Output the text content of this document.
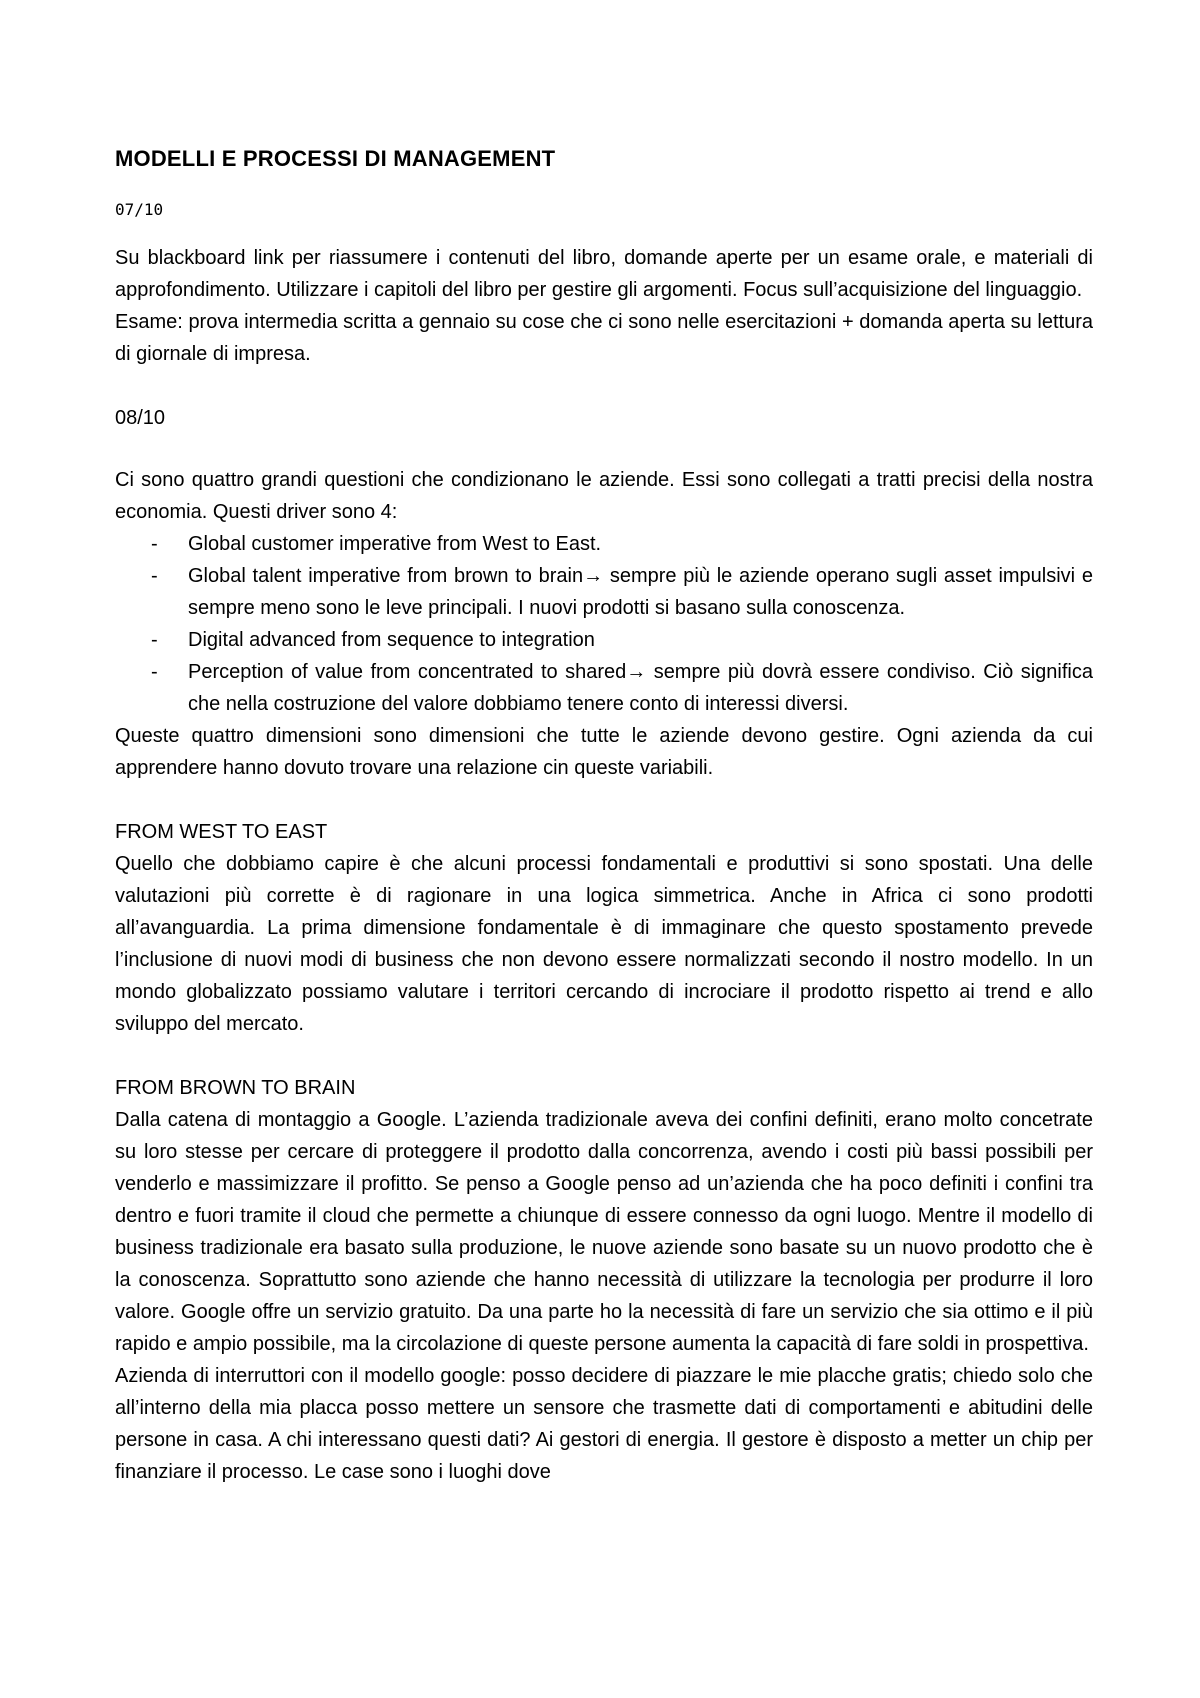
MODELLI E PROCESSI DI MANAGEMENT
07/10

Su blackboard link per riassumere i contenuti del libro, domande aperte per un esame orale, e materiali di approfondimento. Utilizzare i capitoli del libro per gestire gli argomenti. Focus sull’acquisizione del linguaggio.

Esame: prova intermedia scritta a gennaio su cose che ci sono nelle esercitazioni + domanda aperta su lettura di giornale di impresa.

08/10

Ci sono quattro grandi questioni che condizionano le aziende. Essi sono collegati a tratti precisi della nostra economia. Questi driver sono 4:

- Global customer imperative from West to East.
- Global talent imperative from brown to brain→ sempre più le aziende operano sugli asset impulsivi e sempre meno sono le leve principali. I nuovi prodotti si basano sulla conoscenza.
- Digital advanced from sequence to integration
- Perception of value from concentrated to shared→ sempre più dovrà essere condiviso. Ciò significa che nella costruzione del valore dobbiamo tenere conto di interessi diversi.

Queste quattro dimensioni sono dimensioni che tutte le aziende devono gestire. Ogni azienda da cui apprendere hanno dovuto trovare una relazione cin queste variabili.

FROM WEST TO EAST

Quello che dobbiamo capire è che alcuni processi fondamentali e produttivi si sono spostati. Una delle valutazioni più corrette è di ragionare in una logica simmetrica. Anche in Africa ci sono prodotti all’avanguardia. La prima dimensione fondamentale è di immaginare che questo spostamento prevede l’inclusione di nuovi modi di business che non devono essere normalizzati secondo il nostro modello. In un mondo globalizzato possiamo valutare i territori cercando di incrociare il prodotto rispetto ai trend e allo sviluppo del mercato.

FROM BROWN TO BRAIN

Dalla catena di montaggio a Google. L’azienda tradizionale aveva dei confini definiti, erano molto concetrate su loro stesse per cercare di proteggere il prodotto dalla concorrenza, avendo i costi più bassi possibili per venderlo e massimizzare il profitto. Se penso a Google penso ad un’azienda che ha poco definiti i confini tra dentro e fuori tramite il cloud che permette a chiunque di essere connesso da ogni luogo. Mentre il modello di business tradizionale era basato sulla produzione, le nuove aziende sono basate su un nuovo prodotto che è la conoscenza. Soprattutto sono aziende che hanno necessità di utilizzare la tecnologia per produrre il loro valore. Google offre un servizio gratuito. Da una parte ho la necessità di fare un servizio che sia ottimo e il più rapido e ampio possibile, ma la circolazione di queste persone aumenta la capacità di fare soldi in prospettiva.

Azienda di interruttori con il modello google: posso decidere di piazzare le mie placche gratis; chiedo solo che all’interno della mia placca posso mettere un sensore che trasmette dati di comportamenti e abitudini delle persone in casa. A chi interessano questi dati? Ai gestori di energia. Il gestore è disposto a metter un chip per finanziare il processo. Le case sono i luoghi dove
